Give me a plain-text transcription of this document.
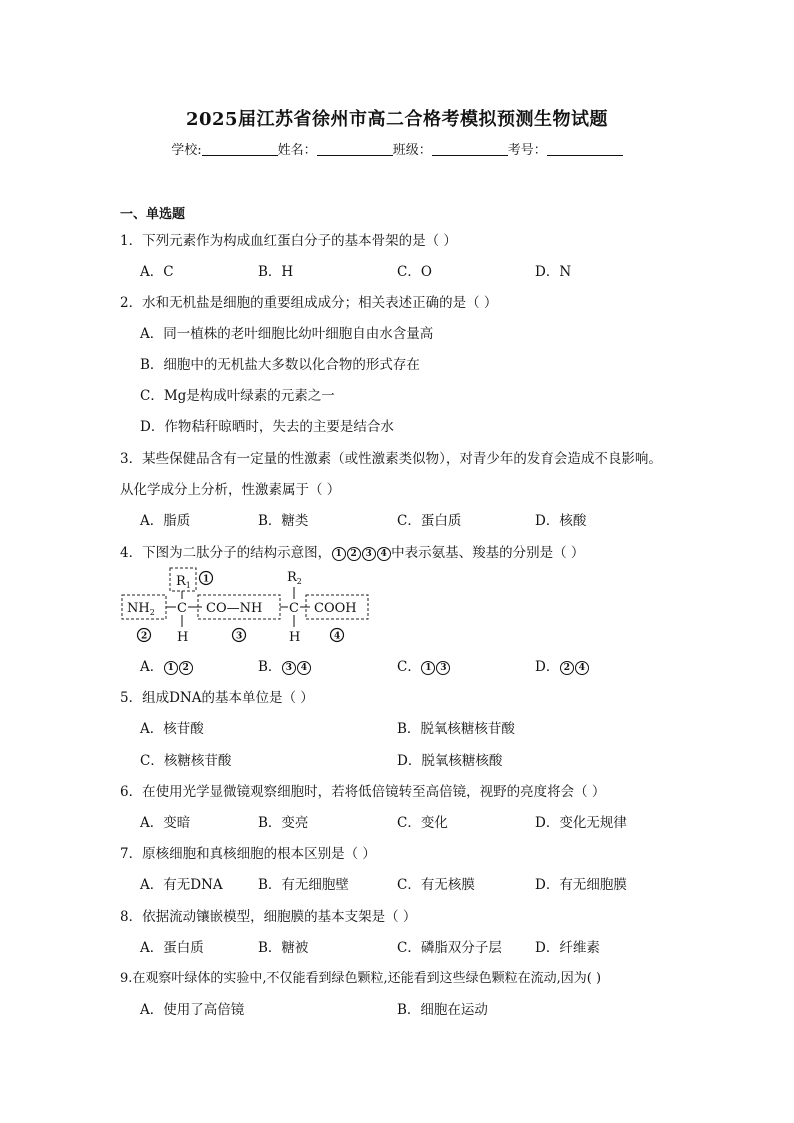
2025届江苏省徐州市高二合格考模拟预测生物试题
学校:	姓名：	班级：	考号：
一、单选题
1．下列元素作为构成血红蛋白分子的基本骨架的是（ ）
A．C	B．H	C．O	D．N
2．水和无机盐是细胞的重要组成成分；相关表述正确的是（ ）
A．同一植株的老叶细胞比幼叶细胞自由水含量高
B．细胞中的无机盐大多数以化合物的形式存在
C．Mg是构成叶绿素的元素之一
D．作物秸秆晾晒时，失去的主要是结合水
3．某些保健品含有一定量的性激素（或性激素类似物），对青少年的发育会造成不良影响。
从化学成分上分析，性激素属于（ ）
A．脂质	B．糖类	C．蛋白质	D．核酸
4．下图为二肽分子的结构示意图， 1 2 3 4 中表示氨基、羧基的分别是（ ）
$R_1$
$R_2$
$NH_2$ C CO—NH C COOH
H	H
1
2	3	4
A． 1 2	B． 3 4	C． 1 3	D． 2 4
5．组成DNA的基本单位是（ ）
A．核苷酸	B．脱氧核糖核苷酸
C．核糖核苷酸	D．脱氧核糖核酸
6．在使用光学显微镜观察细胞时，若将低倍镜转至高倍镜，视野的亮度将会（ ）
A．变暗	B．变亮	C．变化	D．变化无规律
7．原核细胞和真核细胞的根本区别是（ ）
A．有无DNA	B．有无细胞壁	C．有无核膜	D．有无细胞膜
8．依据流动镶嵌模型，细胞膜的基本支架是（ ）
A．蛋白质	B．糖被	C．磷脂双分子层 D．纤维素
9.在观察叶绿体的实验中,不仅能看到绿色颗粒,还能看到这些绿色颗粒在流动,因为( )
A．使用了高倍镜	B．细胞在运动
